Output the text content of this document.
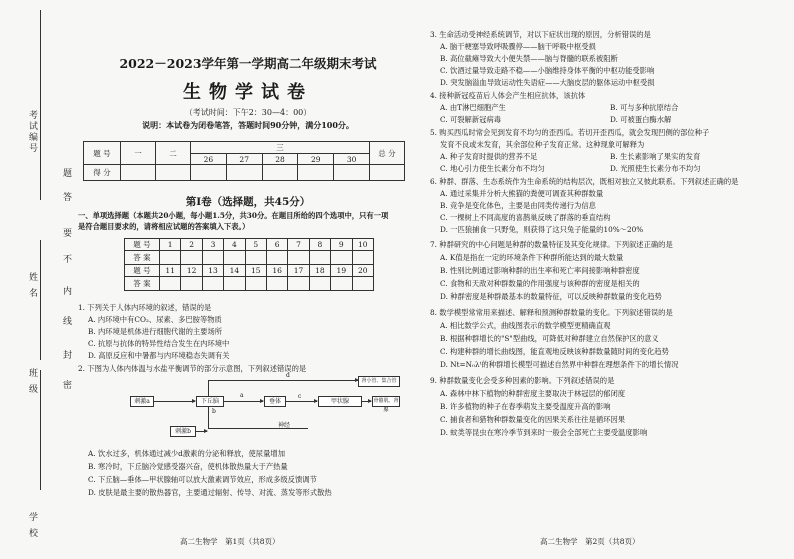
考试编号
姓 名
班 级
学 校
题
答
要
不
内
线
封
密
2022－2023学年第一学期高二年级期末考试
生物学试卷
（考试时间：下午2：30—4：00）
说明：本试卷为闭卷笔答，答题时间90分钟，满分100分。
题 号	一	二	三					总 分
			26	27	28	29	30	
得 分								
第Ⅰ卷（选择题，共45分）
一、单项选择题（本题共20小题，每小题1.5分，共30分。在题目所给的四个选项中，只有一项
是符合题目要求的，请将相应试题的答案填入下表。）
题 号	1	2	3	4	5	6	7	8	9	10
答 案										
题 号	11	12	13	14	15	16	17	18	19	20
答 案										
1. 下列关于人体内环境的叙述，错误的是
A. 内环境中有CO₂、尿素、多巴胺等物质
B. 内环境是机体进行细胞代谢的主要场所
C. 抗原与抗体的特异性结合发生在内环境中
D. 高原反应和中暑都与内环境稳态失调有关
2. 下图为人体内体温与水盐平衡调节的部分示意图，下列叙述错误的是
刺激a	下丘脑
a
垂体
c
甲状腺	骨骼肌、肾腺
d
肾小管、集合管
b
神经
刺激b
A. 饮水过多，机体通过减少d激素的分泌和释放，使尿量增加
B. 寒冷时，下丘脑冷觉感受器兴奋，使机体散热量大于产热量
C. 下丘脑—垂体—甲状腺轴可以放大激素调节效应，形成多级反馈调节
D. 皮肤是最主要的散热器官，主要通过辐射、传导、对流、蒸发等形式散热
高二生物学　第1页（共8页）
3. 生命活动受神经系统调节，对以下症状出现的原因，分析错误的是
A. 脑干梗塞导致呼吸骤停——脑干呼吸中枢受损
B. 高位截瘫导致大小便失禁——脑与脊髓的联系被阻断
C. 饮酒过量导致走路不稳——小脑维持身体平衡的中枢功能受影响
D. 突发脑溢血导致运动性失语症——大脑皮层的躯体运动中枢受损
4. 接种新冠疫苗后人体会产生相应抗体，该抗体
A. 由T淋巴细胞产生	B. 可与多种抗原结合
C. 可裂解新冠病毒	D. 可被蛋白酶水解
5. 购买西瓜时常会见到发育不均匀的歪西瓜。若切开歪西瓜，就会发现凹侧的部位种子
发育不良或未发育，其余部位种子发育正常。这种现象可解释为
A. 种子发育时提供的营养不足	B. 生长素影响了果实的发育
C. 地心引力使生长素分布不均匀	D. 光照使生长素分布不均匀
6. 种群、群落、生态系统作为生命系统的结构层次，既相对独立又彼此联系。下列叙述正确的是
A. 通过采集并分析大熊猫的粪便可调查其种群数量
B. 竞争是变化体色，主要是由同类传递行为信息
C. 一棵树上不同高度的喜鹊巢反映了群落的垂直结构
D. 一匹狼捕食一只野兔，则获得了这只兔子能量的10%～20%
7. 种群研究的中心问题是种群的数量特征及其变化规律。下列叙述正确的是
A. K值是指在一定的环境条件下种群所能达到的最大数量
B. 性别比例通过影响种群的出生率和死亡率间接影响种群密度
C. 食物和天敌对种群数量的作用强度与该种群的密度是相关的
D. 种群密度是种群最基本的数量特征，可以反映种群数量的变化趋势
8. 数学模型常常用来描述、解释和预测种群数量的变化。下列叙述错误的是
A. 相比数学公式，曲线图表示的数学模型更精确直观
B. 根据种群增长的"S"型曲线，可降低对种群建立自然保护区的意义
C. 构建种群的增长曲线图，能直观地反映该种群数量随时间的变化趋势
D. Nt=N₀λᵗ的种群增长模型可描述自然界中种群在理想条件下的增长情况
9. 种群数量变化会受多种因素的影响。下列叙述错误的是
A. 森林中林下植物的种群密度主要取决于林冠层的郁闭度
B. 许多植物的种子在春季萌发主要受温度升高的影响
C. 捕食者和猎物种群数量变化的因果关系往往是循环因果
D. 蚊类等昆虫在寒冷季节到来时一般会全部死亡主要受温度影响
高二生物学　第2页（共8页）
